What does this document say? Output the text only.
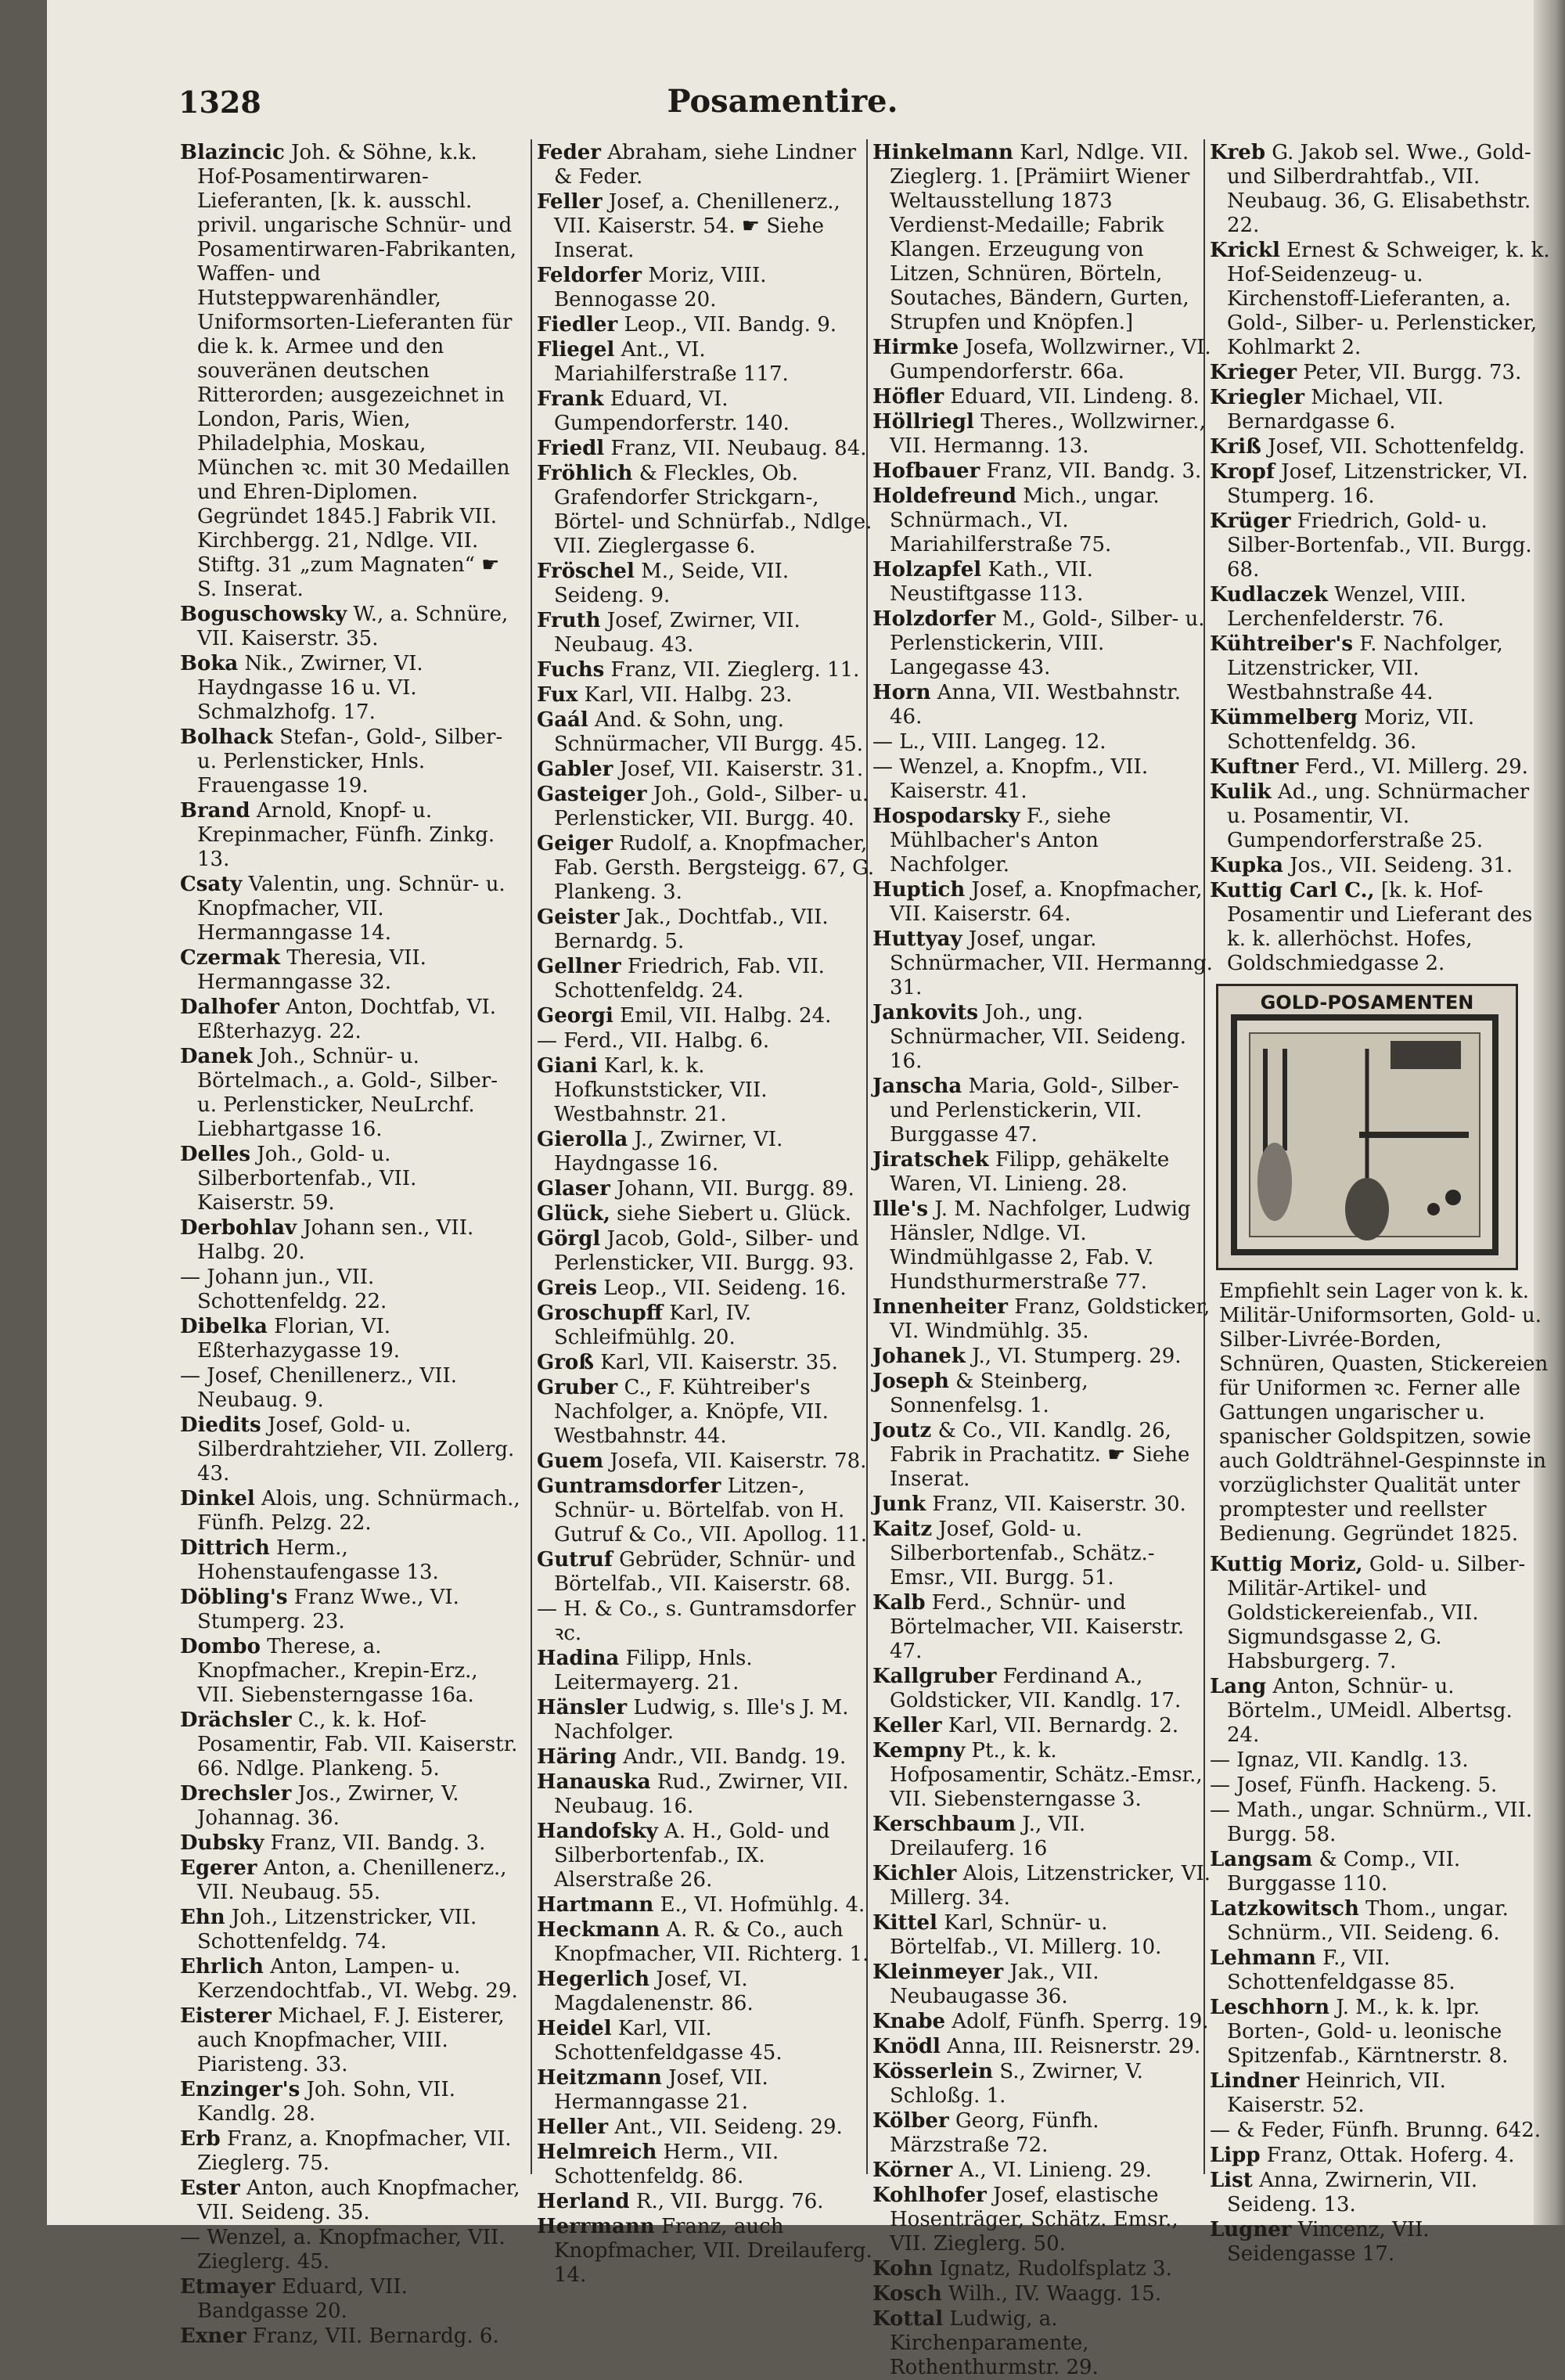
1328	Posamentire.

Blazincic Joh. & Söhne, k.k. Hof-Posamentirwaren-Lieferanten, [k. k. ausschl. privil. ungarische Schnür- und Posamentirwaren-Fabrikanten, Waffen- und Hutsteppwarenhändler, Uniformsorten-Lieferanten für die k. k. Armee und den souveränen deutschen Ritterorden; ausgezeichnet in London, Paris, Wien, Philadelphia, Moskau, München ꝛc. mit 30 Medaillen und Ehren-Diplomen. Gegründet 1845.] Fabrik VII. Kirchbergg. 21, Ndlge. VII. Stiftg. 31 „zum Magnaten“ ☛ S. Inserat.

Boguschowsky W., a. Schnüre, VII. Kaiserstr. 35.

Boka Nik., Zwirner, VI. Haydngasse 16 u. VI. Schmalzhofg. 17.

Bolhack Stefan-, Gold-, Silber- u. Perlensticker, Hnls. Frauengasse 19.

Brand Arnold, Knopf- u. Krepinmacher, Fünfh. Zinkg. 13.

Csaty Valentin, ung. Schnür- u. Knopfmacher, VII. Hermanngasse 14.

Czermak Theresia, VII. Hermanngasse 32.

Dalhofer Anton, Dochtfab, VI. Eßterhazyg. 22.

Danek Joh., Schnür- u. Börtelmach., a. Gold-, Silber- u. Perlensticker, NeuLrchf. Liebhartgasse 16.

Delles Joh., Gold- u. Silberbortenfab., VII. Kaiserstr. 59.

Derbohlav Johann sen., VII. Halbg. 20.

— Johann jun., VII. Schottenfeldg. 22.

Dibelka Florian, VI. Eßterhazygasse 19.

— Josef, Chenillenerz., VII. Neubaug. 9.

Diedits Josef, Gold- u. Silberdrahtzieher, VII. Zollerg. 43.

Dinkel Alois, ung. Schnürmach., Fünfh. Pelzg. 22.

Dittrich Herm., Hohenstaufengasse 13.

Döbling's Franz Wwe., VI. Stumperg. 23.

Dombo Therese, a. Knopfmacher., Krepin-Erz., VII. Siebensterngasse 16a.

Drächsler C., k. k. Hof-Posamentir, Fab. VII. Kaiserstr. 66. Ndlge. Plankeng. 5.

Drechsler Jos., Zwirner, V. Johannag. 36.

Dubsky Franz, VII. Bandg. 3.

Egerer Anton, a. Chenillenerz., VII. Neubaug. 55.

Ehn Joh., Litzenstricker, VII. Schottenfeldg. 74.

Ehrlich Anton, Lampen- u. Kerzendochtfab., VI. Webg. 29.

Eisterer Michael, F. J. Eisterer, auch Knopfmacher, VIII. Piaristeng. 33.

Enzinger's Joh. Sohn, VII. Kandlg. 28.

Erb Franz, a. Knopfmacher, VII. Zieglerg. 75.

Ester Anton, auch Knopfmacher, VII. Seideng. 35.

— Wenzel, a. Knopfmacher, VII. Zieglerg. 45.

Etmayer Eduard, VII. Bandgasse 20.

Exner Franz, VII. Bernardg. 6.

Feder Abraham, siehe Lindner & Feder.

Feller Josef, a. Chenillenerz., VII. Kaiserstr. 54. ☛ Siehe Inserat.

Feldorfer Moriz, VIII. Bennogasse 20.

Fiedler Leop., VII. Bandg. 9.

Fliegel Ant., VI. Mariahilferstraße 117.

Frank Eduard, VI. Gumpendorferstr. 140.

Friedl Franz, VII. Neubaug. 84.

Fröhlich & Fleckles, Ob. Grafendorfer Strickgarn-, Börtel- und Schnürfab., Ndlge. VII. Zieglergasse 6.

Fröschel M., Seide, VII. Seideng. 9.

Fruth Josef, Zwirner, VII. Neubaug. 43.

Fuchs Franz, VII. Zieglerg. 11.

Fux Karl, VII. Halbg. 23.

Gaál And. & Sohn, ung. Schnürmacher, VII Burgg. 45.

Gabler Josef, VII. Kaiserstr. 31.

Gasteiger Joh., Gold-, Silber- u. Perlensticker, VII. Burgg. 40.

Geiger Rudolf, a. Knopfmacher, Fab. Gersth. Bergsteigg. 67, G. Plankeng. 3.

Geister Jak., Dochtfab., VII. Bernardg. 5.

Gellner Friedrich, Fab. VII. Schottenfeldg. 24.

Georgi Emil, VII. Halbg. 24.

— Ferd., VII. Halbg. 6.

Giani Karl, k. k. Hofkunststicker, VII. Westbahnstr. 21.

Gierolla J., Zwirner, VI. Haydngasse 16.

Glaser Johann, VII. Burgg. 89.

Glück, siehe Siebert u. Glück.

Görgl Jacob, Gold-, Silber- und Perlensticker, VII. Burgg. 93.

Greis Leop., VII. Seideng. 16.

Groschupff Karl, IV. Schleifmühlg. 20.

Groß Karl, VII. Kaiserstr. 35.

Gruber C., F. Kühtreiber's Nachfolger, a. Knöpfe, VII. Westbahnstr. 44.

Guem Josefa, VII. Kaiserstr. 78.

Guntramsdorfer Litzen-, Schnür- u. Börtelfab. von H. Gutruf & Co., VII. Apollog. 11.

Gutruf Gebrüder, Schnür- und Börtelfab., VII. Kaiserstr. 68.

— H. & Co., s. Guntramsdorfer ꝛc.

Hadina Filipp, Hnls. Leitermayerg. 21.

Hänsler Ludwig, s. Ille's J. M. Nachfolger.

Häring Andr., VII. Bandg. 19.

Hanauska Rud., Zwirner, VII. Neubaug. 16.

Handofsky A. H., Gold- und Silberbortenfab., IX. Alserstraße 26.

Hartmann E., VI. Hofmühlg. 4.

Heckmann A. R. & Co., auch Knopfmacher, VII. Richterg. 1.

Hegerlich Josef, VI. Magdalenenstr. 86.

Heidel Karl, VII. Schottenfeldgasse 45.

Heitzmann Josef, VII. Hermanngasse 21.

Heller Ant., VII. Seideng. 29.

Helmreich Herm., VII. Schottenfeldg. 86.

Herland R., VII. Burgg. 76.

Herrmann Franz, auch Knopfmacher, VII. Dreilauferg. 14.

Hinkelmann Karl, Ndlge. VII. Zieglerg. 1. [Prämiirt Wiener Weltausstellung 1873 Verdienst-Medaille; Fabrik Klangen. Erzeugung von Litzen, Schnüren, Börteln, Soutaches, Bändern, Gurten, Strupfen und Knöpfen.]

Hirmke Josefa, Wollzwirner., VI. Gumpendorferstr. 66a.

Höfler Eduard, VII. Lindeng. 8.

Höllriegl Theres., Wollzwirner., VII. Hermanng. 13.

Hofbauer Franz, VII. Bandg. 3.

Holdefreund Mich., ungar. Schnürmach., VI. Mariahilferstraße 75.

Holzapfel Kath., VII. Neustiftgasse 113.

Holzdorfer M., Gold-, Silber- u. Perlenstickerin, VIII. Langegasse 43.

Horn Anna, VII. Westbahnstr. 46.

— L., VIII. Langeg. 12.

— Wenzel, a. Knopfm., VII. Kaiserstr. 41.

Hospodarsky F., siehe Mühlbacher's Anton Nachfolger.

Huptich Josef, a. Knopfmacher, VII. Kaiserstr. 64.

Huttyay Josef, ungar. Schnürmacher, VII. Hermanng. 31.

Jankovits Joh., ung. Schnürmacher, VII. Seideng. 16.

Janscha Maria, Gold-, Silber- und Perlenstickerin, VII. Burggasse 47.

Jiratschek Filipp, gehäkelte Waren, VI. Linieng. 28.

Ille's J. M. Nachfolger, Ludwig Hänsler, Ndlge. VI. Windmühlgasse 2, Fab. V. Hundsthurmerstraße 77.

Innenheiter Franz, Goldsticker, VI. Windmühlg. 35.

Johanek J., VI. Stumperg. 29.

Joseph & Steinberg, Sonnenfelsg. 1.

Joutz & Co., VII. Kandlg. 26, Fabrik in Prachatitz. ☛ Siehe Inserat.

Junk Franz, VII. Kaiserstr. 30.

Kaitz Josef, Gold- u. Silberbortenfab., Schätz.-Emsr., VII. Burgg. 51.

Kalb Ferd., Schnür- und Börtelmacher, VII. Kaiserstr. 47.

Kallgruber Ferdinand A., Goldsticker, VII. Kandlg. 17.

Keller Karl, VII. Bernardg. 2.

Kempny Pt., k. k. Hofposamentir, Schätz.-Emsr., VII. Siebensterngasse 3.

Kerschbaum J., VII. Dreilauferg. 16

Kichler Alois, Litzenstricker, VI. Millerg. 34.

Kittel Karl, Schnür- u. Börtelfab., VI. Millerg. 10.

Kleinmeyer Jak., VII. Neubaugasse 36.

Knabe Adolf, Fünfh. Sperrg. 19.

Knödl Anna, III. Reisnerstr. 29.

Kösserlein S., Zwirner, V. Schloßg. 1.

Kölber Georg, Fünfh. Märzstraße 72.

Körner A., VI. Linieng. 29.

Kohlhofer Josef, elastische Hosenträger, Schätz. Emsr., VII. Zieglerg. 50.

Kohn Ignatz, Rudolfsplatz 3.

Kosch Wilh., IV. Waagg. 15.

Kottal Ludwig, a. Kirchenparamente, Rothenthurmstr. 29.

Kreb G. Jakob sel. Wwe., Gold- und Silberdrahtfab., VII. Neubaug. 36, G. Elisabethstr. 22.

Krickl Ernest & Schweiger, k. k. Hof-Seidenzeug- u. Kirchenstoff-Lieferanten, a. Gold-, Silber- u. Perlensticker, Kohlmarkt 2.

Krieger Peter, VII. Burgg. 73.

Kriegler Michael, VII. Bernardgasse 6.

Kriß Josef, VII. Schottenfeldg.

Kropf Josef, Litzenstricker, VI. Stumperg. 16.

Krüger Friedrich, Gold- u. Silber-Bortenfab., VII. Burgg. 68.

Kudlaczek Wenzel, VIII. Lerchenfelderstr. 76.

Kühtreiber's F. Nachfolger, Litzenstricker, VII. Westbahnstraße 44.

Kümmelberg Moriz, VII. Schottenfeldg. 36.

Kuftner Ferd., VI. Millerg. 29.

Kulik Ad., ung. Schnürmacher u. Posamentir, VI. Gumpendorferstraße 25.

Kupka Jos., VII. Seideng. 31.

Kuttig Carl C., [k. k. Hof-Posamentir und Lieferant des k. k. allerhöchst. Hofes, Goldschmiedgasse 2.

GOLD-POSAMENTEN

Empfiehlt sein Lager von k. k. Militär-Uniformsorten, Gold- u. Silber-Livrée-Borden, Schnüren, Quasten, Stickereien für Uniformen ꝛc. Ferner alle Gattungen ungarischer u. spanischer Goldspitzen, sowie auch Goldträhnel-Gespinnste in vorzüglichster Qualität unter promptester und reellster Bedienung. Gegründet 1825.

Kuttig Moriz, Gold- u. Silber-Militär-Artikel- und Goldstickereienfab., VII. Sigmundsgasse 2, G. Habsburgerg. 7.

Lang Anton, Schnür- u. Börtelm., UMeidl. Albertsg. 24.

— Ignaz, VII. Kandlg. 13.

— Josef, Fünfh. Hackeng. 5.

— Math., ungar. Schnürm., VII. Burgg. 58.

Langsam & Comp., VII. Burggasse 110.

Latzkowitsch Thom., ungar. Schnürm., VII. Seideng. 6.

Lehmann F., VII. Schottenfeldgasse 85.

Leschhorn J. M., k. k. lpr. Borten-, Gold- u. leonische Spitzenfab., Kärntnerstr. 8.

Lindner Heinrich, VII. Kaiserstr. 52.

— & Feder, Fünfh. Brunng. 642.

Lipp Franz, Ottak. Hoferg. 4.

List Anna, Zwirnerin, VII. Seideng. 13.

Lugner Vincenz, VII. Seidengasse 17.
